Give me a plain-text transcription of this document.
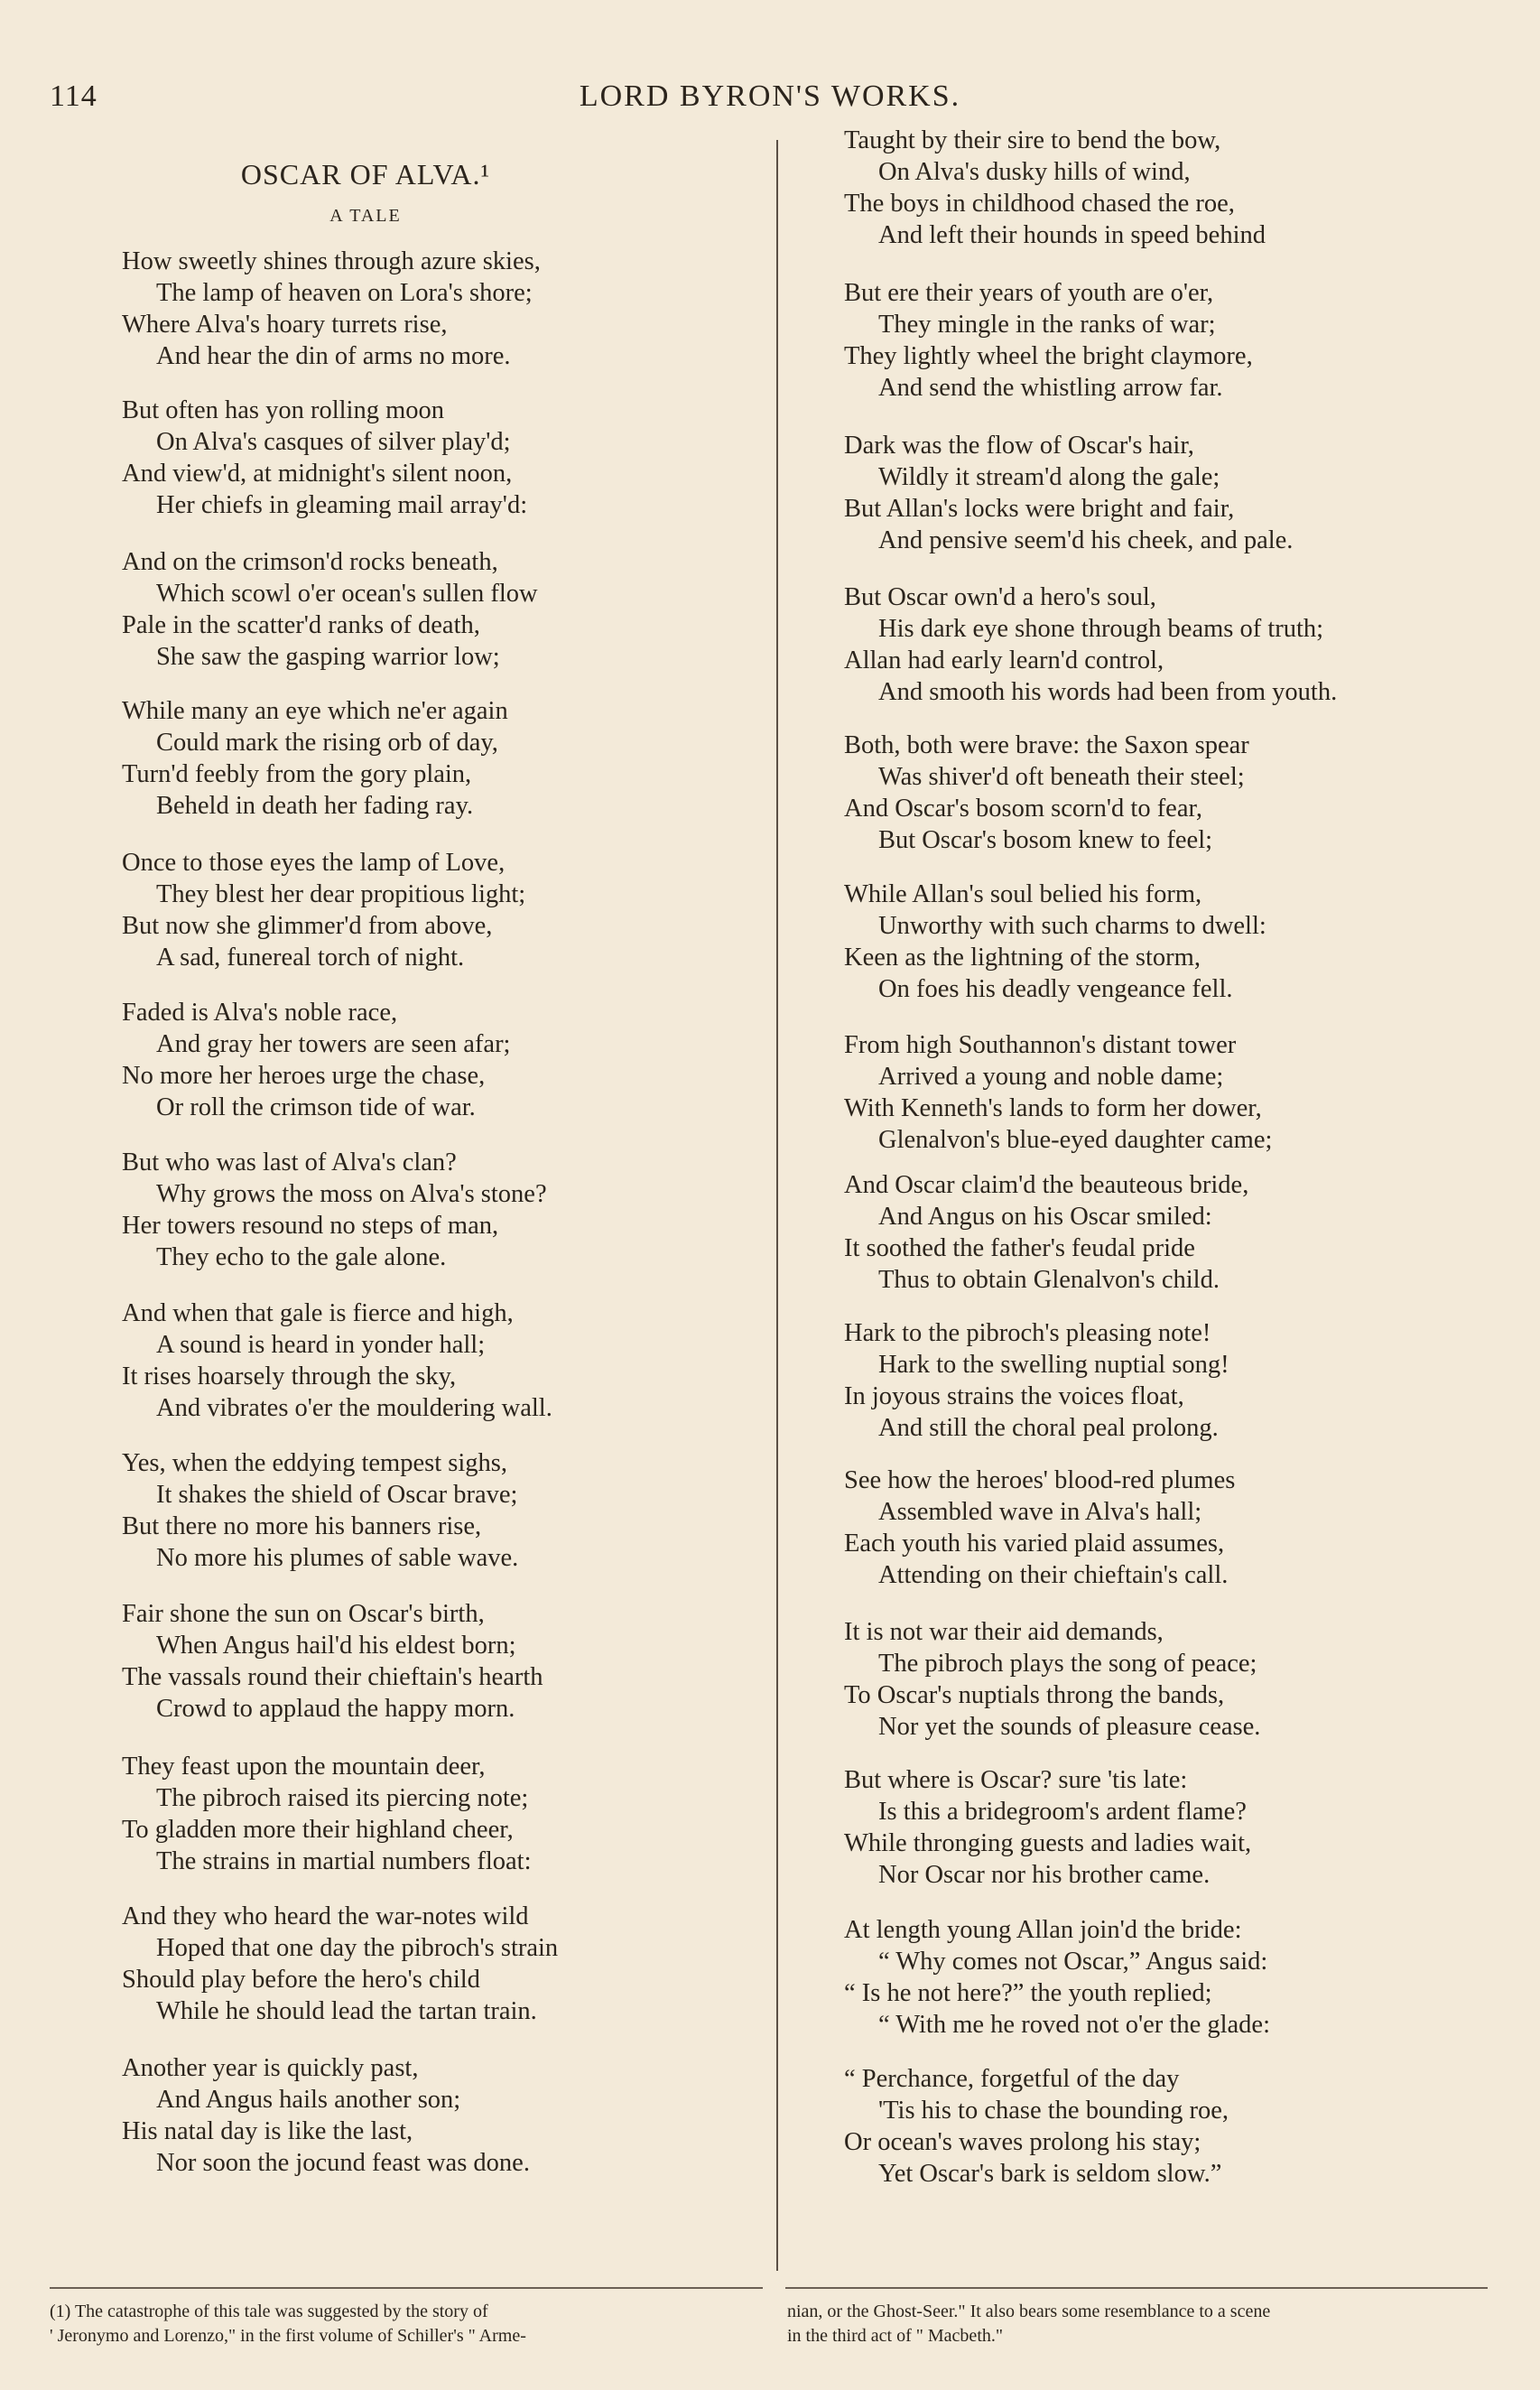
114	LORD BYRON'S WORKS.
OSCAR OF ALVA.¹
A TALE
How sweetly shines through azure skies,
The lamp of heaven on Lora's shore;
Where Alva's hoary turrets rise,
And hear the din of arms no more.
But often has yon rolling moon
On Alva's casques of silver play'd;
And view'd, at midnight's silent noon,
Her chiefs in gleaming mail array'd:
And on the crimson'd rocks beneath,
Which scowl o'er ocean's sullen flow
Pale in the scatter'd ranks of death,
She saw the gasping warrior low;
While many an eye which ne'er again
Could mark the rising orb of day,
Turn'd feebly from the gory plain,
Beheld in death her fading ray.
Once to those eyes the lamp of Love,
They blest her dear propitious light;
But now she glimmer'd from above,
A sad, funereal torch of night.
Faded is Alva's noble race,
And gray her towers are seen afar;
No more her heroes urge the chase,
Or roll the crimson tide of war.
But who was last of Alva's clan?
Why grows the moss on Alva's stone?
Her towers resound no steps of man,
They echo to the gale alone.
And when that gale is fierce and high,
A sound is heard in yonder hall;
It rises hoarsely through the sky,
And vibrates o'er the mouldering wall.
Yes, when the eddying tempest sighs,
It shakes the shield of Oscar brave;
But there no more his banners rise,
No more his plumes of sable wave.
Fair shone the sun on Oscar's birth,
When Angus hail'd his eldest born;
The vassals round their chieftain's hearth
Crowd to applaud the happy morn.
They feast upon the mountain deer,
The pibroch raised its piercing note;
To gladden more their highland cheer,
The strains in martial numbers float:
And they who heard the war-notes wild
Hoped that one day the pibroch's strain
Should play before the hero's child
While he should lead the tartan train.
Another year is quickly past,
And Angus hails another son;
His natal day is like the last,
Nor soon the jocund feast was done.
Taught by their sire to bend the bow,
On Alva's dusky hills of wind,
The boys in childhood chased the roe,
And left their hounds in speed behind
But ere their years of youth are o'er,
They mingle in the ranks of war;
They lightly wheel the bright claymore,
And send the whistling arrow far.
Dark was the flow of Oscar's hair,
Wildly it stream'd along the gale;
But Allan's locks were bright and fair,
And pensive seem'd his cheek, and pale.
But Oscar own'd a hero's soul,
His dark eye shone through beams of truth;
Allan had early learn'd control,
And smooth his words had been from youth.
Both, both were brave: the Saxon spear
Was shiver'd oft beneath their steel;
And Oscar's bosom scorn'd to fear,
But Oscar's bosom knew to feel;
While Allan's soul belied his form,
Unworthy with such charms to dwell:
Keen as the lightning of the storm,
On foes his deadly vengeance fell.
From high Southannon's distant tower
Arrived a young and noble dame;
With Kenneth's lands to form her dower,
Glenalvon's blue-eyed daughter came;
And Oscar claim'd the beauteous bride,
And Angus on his Oscar smiled:
It soothed the father's feudal pride
Thus to obtain Glenalvon's child.
Hark to the pibroch's pleasing note!
Hark to the swelling nuptial song!
In joyous strains the voices float,
And still the choral peal prolong.
See how the heroes' blood-red plumes
Assembled wave in Alva's hall;
Each youth his varied plaid assumes,
Attending on their chieftain's call.
It is not war their aid demands,
The pibroch plays the song of peace;
To Oscar's nuptials throng the bands,
Nor yet the sounds of pleasure cease.
But where is Oscar? sure 'tis late:
Is this a bridegroom's ardent flame?
While thronging guests and ladies wait,
Nor Oscar nor his brother came.
At length young Allan join'd the bride:
“ Why comes not Oscar,” Angus said:
“ Is he not here?” the youth replied;
“ With me he roved not o'er the glade:
“ Perchance, forgetful of the day
'Tis his to chase the bounding roe,
Or ocean's waves prolong his stay;
Yet Oscar's bark is seldom slow.”
(1) The catastrophe of this tale was suggested by the story of
' Jeronymo and Lorenzo," in the first volume of Schiller's " Arme-
nian, or the Ghost-Seer." It also bears some resemblance to a scene
in the third act of " Macbeth."
